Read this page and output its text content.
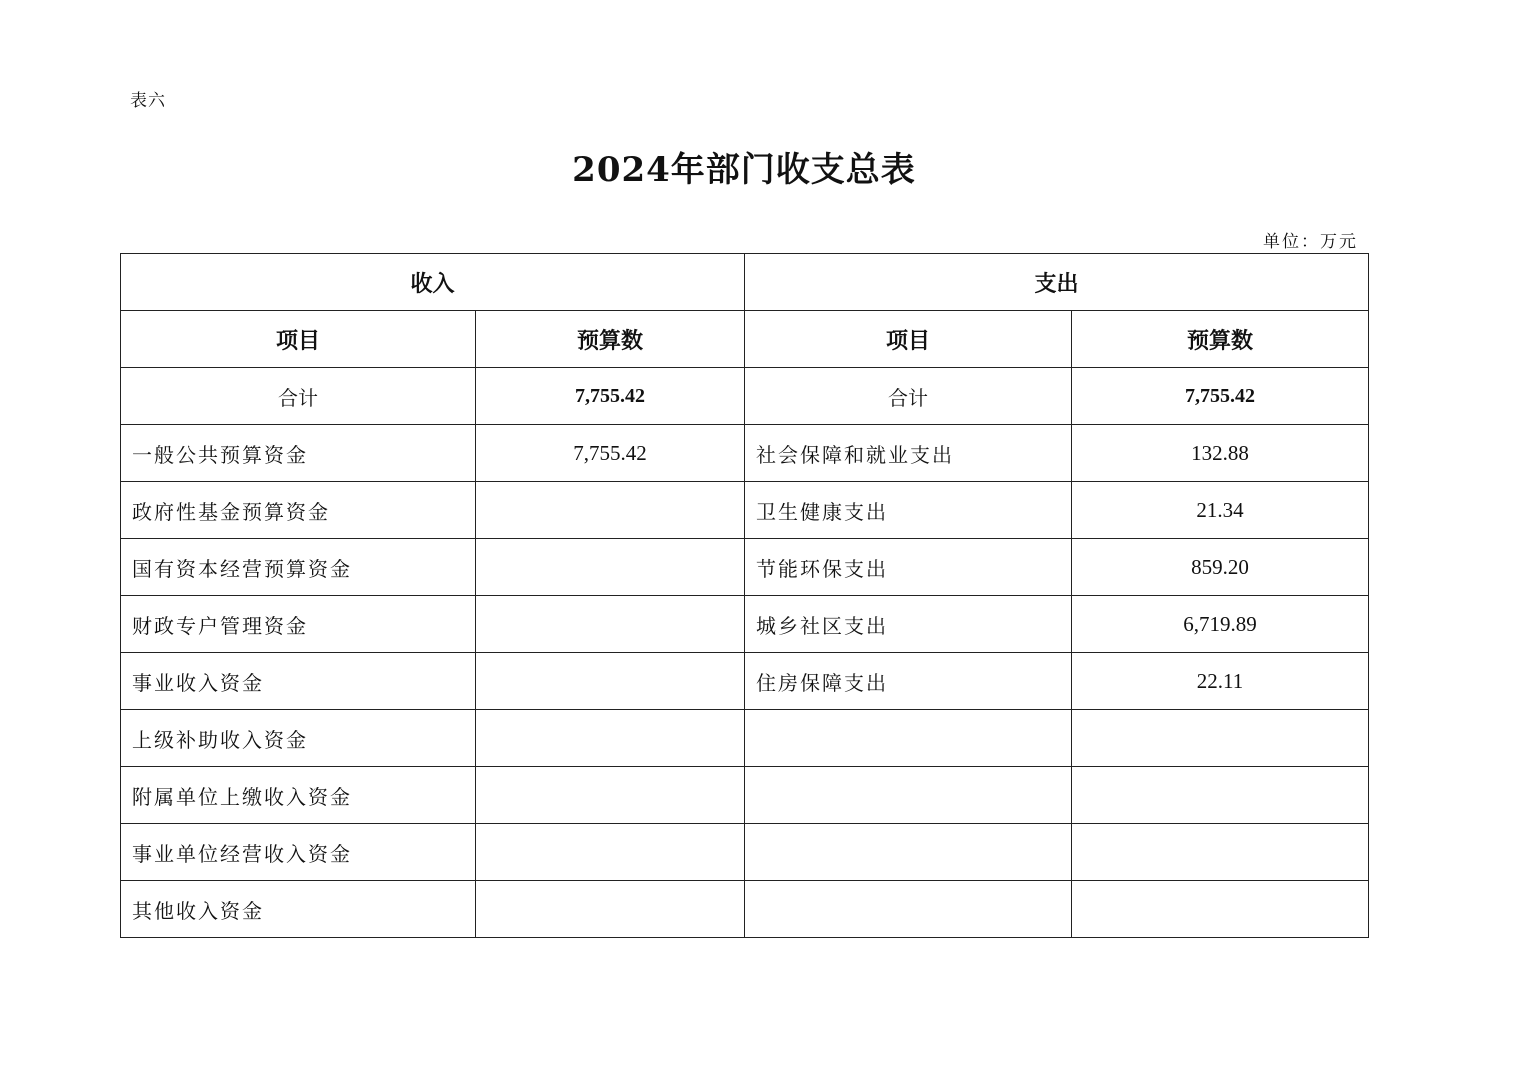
表六
2024年部门收支总表
单位：万元
收入		支出	
项目	预算数	项目	预算数
合计	7,755.42	合计	7,755.42
一般公共预算资金	7,755.42	社会保障和就业支出	132.88
政府性基金预算资金		卫生健康支出	21.34
国有资本经营预算资金		节能环保支出	859.20
财政专户管理资金		城乡社区支出	6,719.89
事业收入资金		住房保障支出	22.11
上级补助收入资金			
附属单位上缴收入资金			
事业单位经营收入资金			
其他收入资金			
